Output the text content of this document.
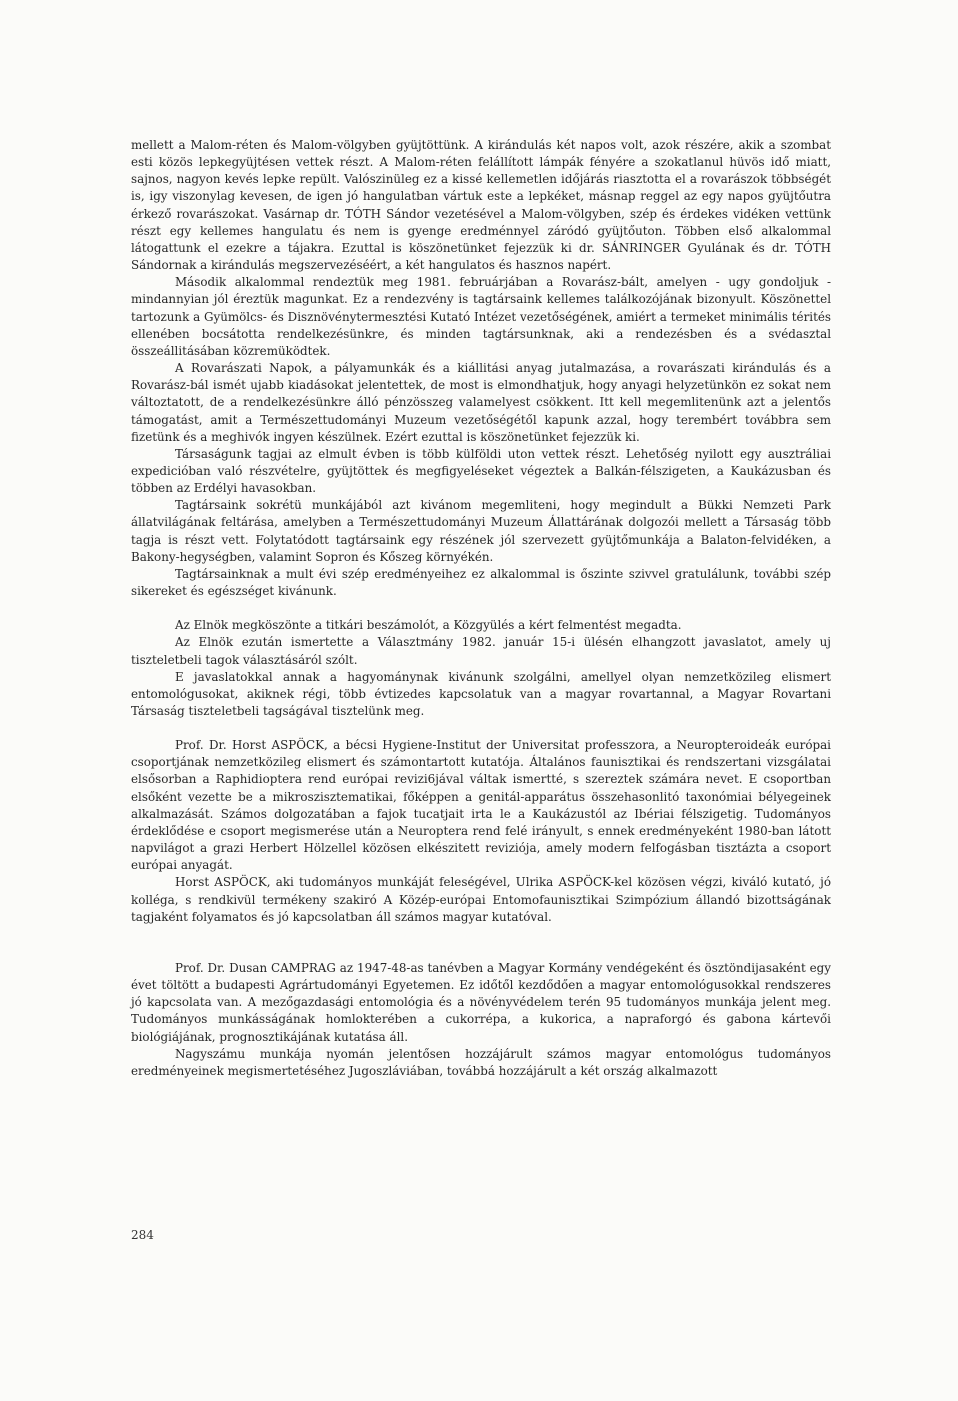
mellett a Malom-réten és Malom-völgyben gyüjtöttünk. A kirándulás két napos volt, azok részére, akik a szombat esti közös lepkegyüjtésen vettek részt. A Malom-réten felállított lámpák fényére a szokatlanul hüvös idő miatt, sajnos, nagyon kevés lepke repült. Valószinüleg ez a kissé kellemetlen időjárás riasztotta el a rovarászok többségét is, igy viszonylag kevesen, de igen jó hangulatban vártuk este a lepkéket, másnap reggel az egy napos gyüjtőutra érkező rovarászokat. Vasárnap dr. TÓTH Sándor vezetésével a Malom-völgyben, szép és érdekes vidéken vettünk részt egy kellemes hangulatu és nem is gyenge eredménnyel záródó gyüjtőuton. Többen első alkalommal látogattunk el ezekre a tájakra. Ezuttal is köszönetünket fejezzük ki dr. SÁNRINGER Gyulának és dr. TÓTH Sándornak a kirándulás megszervezéséért, a két hangulatos és hasznos napért.

Második alkalommal rendeztük meg 1981. februárjában a Rovarász-bált, amelyen - ugy gondoljuk - mindannyian jól éreztük magunkat. Ez a rendezvény is tagtársaink kellemes találkozójának bizonyult. Köszönettel tartozunk a Gyümölcs- és Disznövénytermesztési Kutató Intézet vezetőségének, amiért a termeket minimális térités ellenében bocsátotta rendelkezésünkre, és minden tagtársunknak, aki a rendezésben és a svédasztal összeállitásában közremüködtek.

A Rovarászati Napok, a pályamunkák és a kiállitási anyag jutalmazása, a rovarászati kirándulás és a Rovarász-bál ismét ujabb kiadásokat jelentettek, de most is elmondhatjuk, hogy anyagi helyzetünkön ez sokat nem változtatott, de a rendelkezésünkre álló pénzösszeg valamelyest csökkent. Itt kell megemlitenünk azt a jelentős támogatást, amit a Természettudományi Muzeum vezetőségétől kapunk azzal, hogy terembért továbbra sem fizetünk és a meghivók ingyen készülnek. Ezért ezuttal is köszönetünket fejezzük ki.

Társaságunk tagjai az elmult évben is több külföldi uton vettek részt. Lehetőség nyilott egy ausztráliai expedicióban való részvételre, gyüjtöttek és megfigyeléseket végeztek a Balkán-félszigeten, a Kaukázusban és többen az Erdélyi havasokban.

Tagtársaink sokrétü munkájából azt kivánom megemliteni, hogy megindult a Bükki Nemzeti Park állatvilágának feltárása, amelyben a Természettudományi Muzeum Állattárának dolgozói mellett a Társaság több tagja is részt vett. Folytatódott tagtársaink egy részének jól szervezett gyüjtőmunkája a Balaton-felvidéken, a Bakony-hegységben, valamint Sopron és Kőszeg környékén.

Tagtársainknak a mult évi szép eredményeihez ez alkalommal is őszinte szivvel gratulálunk, további szép sikereket és egészséget kivánunk.

Az Elnök megköszönte a titkári beszámolót, a Közgyülés a kért felmentést megadta.

Az Elnök ezután ismertette a Választmány 1982. január 15-i ülésén elhangzott javaslatot, amely uj tiszteletbeli tagok választásáról szólt.

E javaslatokkal annak a hagyománynak kivánunk szolgálni, amellyel olyan nemzetközileg elismert entomológusokat, akiknek régi, több évtizedes kapcsolatuk van a magyar rovartannal, a Magyar Rovartani Társaság tiszteletbeli tagságával tisztelünk meg.

Prof. Dr. Horst ASPÖCK, a bécsi Hygiene-Institut der Universitat professzora, a Neuropteroideák európai csoportjának nemzetközileg elismert és számontartott kutatója. Általános faunisztikai és rendszertani vizsgálatai elsősorban a Raphidioptera rend európai revizi6jával váltak ismertté, s szereztek számára nevet. E csoportban elsőként vezette be a mikroszisztematikai, főképpen a genitál-apparátus összehasonlitó taxonómiai bélyegeinek alkalmazását. Számos dolgozatában a fajok tucatjait irta le a Kaukázustól az Ibériai félszigetig. Tudományos érdeklődése e csoport megismerése után a Neuroptera rend felé irányult, s ennek eredményeként 1980-ban látott napvilágot a grazi Herbert Hölzellel közösen elkészitett reviziója, amely modern felfogásban tisztázta a csoport európai anyagát.

Horst ASPÖCK, aki tudományos munkáját feleségével, Ulrika ASPÖCK-kel közösen végzi, kiváló kutató, jó kolléga, s rendkivül termékeny szakiró A Közép-európai Entomofaunisztikai Szimpózium állandó bizottságának tagjaként folyamatos és jó kapcsolatban áll számos magyar kutatóval.

Prof. Dr. Dusan CAMPRAG az 1947-48-as tanévben a Magyar Kormány vendégeként és ösztöndijasaként egy évet töltött a budapesti Agrártudományi Egyetemen. Ez időtől kezdődően a magyar entomológusokkal rendszeres jó kapcsolata van. A mezőgazdasági entomológia és a növényvédelem terén 95 tudományos munkája jelent meg. Tudományos munkásságának homlokterében a cukorrépa, a kukorica, a napraforgó és gabona kártevői biológiájának, prognosztikájának kutatása áll.

Nagyszámu munkája nyomán jelentősen hozzájárult számos magyar entomológus tudományos eredményeinek megismertetéséhez Jugoszláviában, továbbá hozzájárult a két ország alkalmazott

284
